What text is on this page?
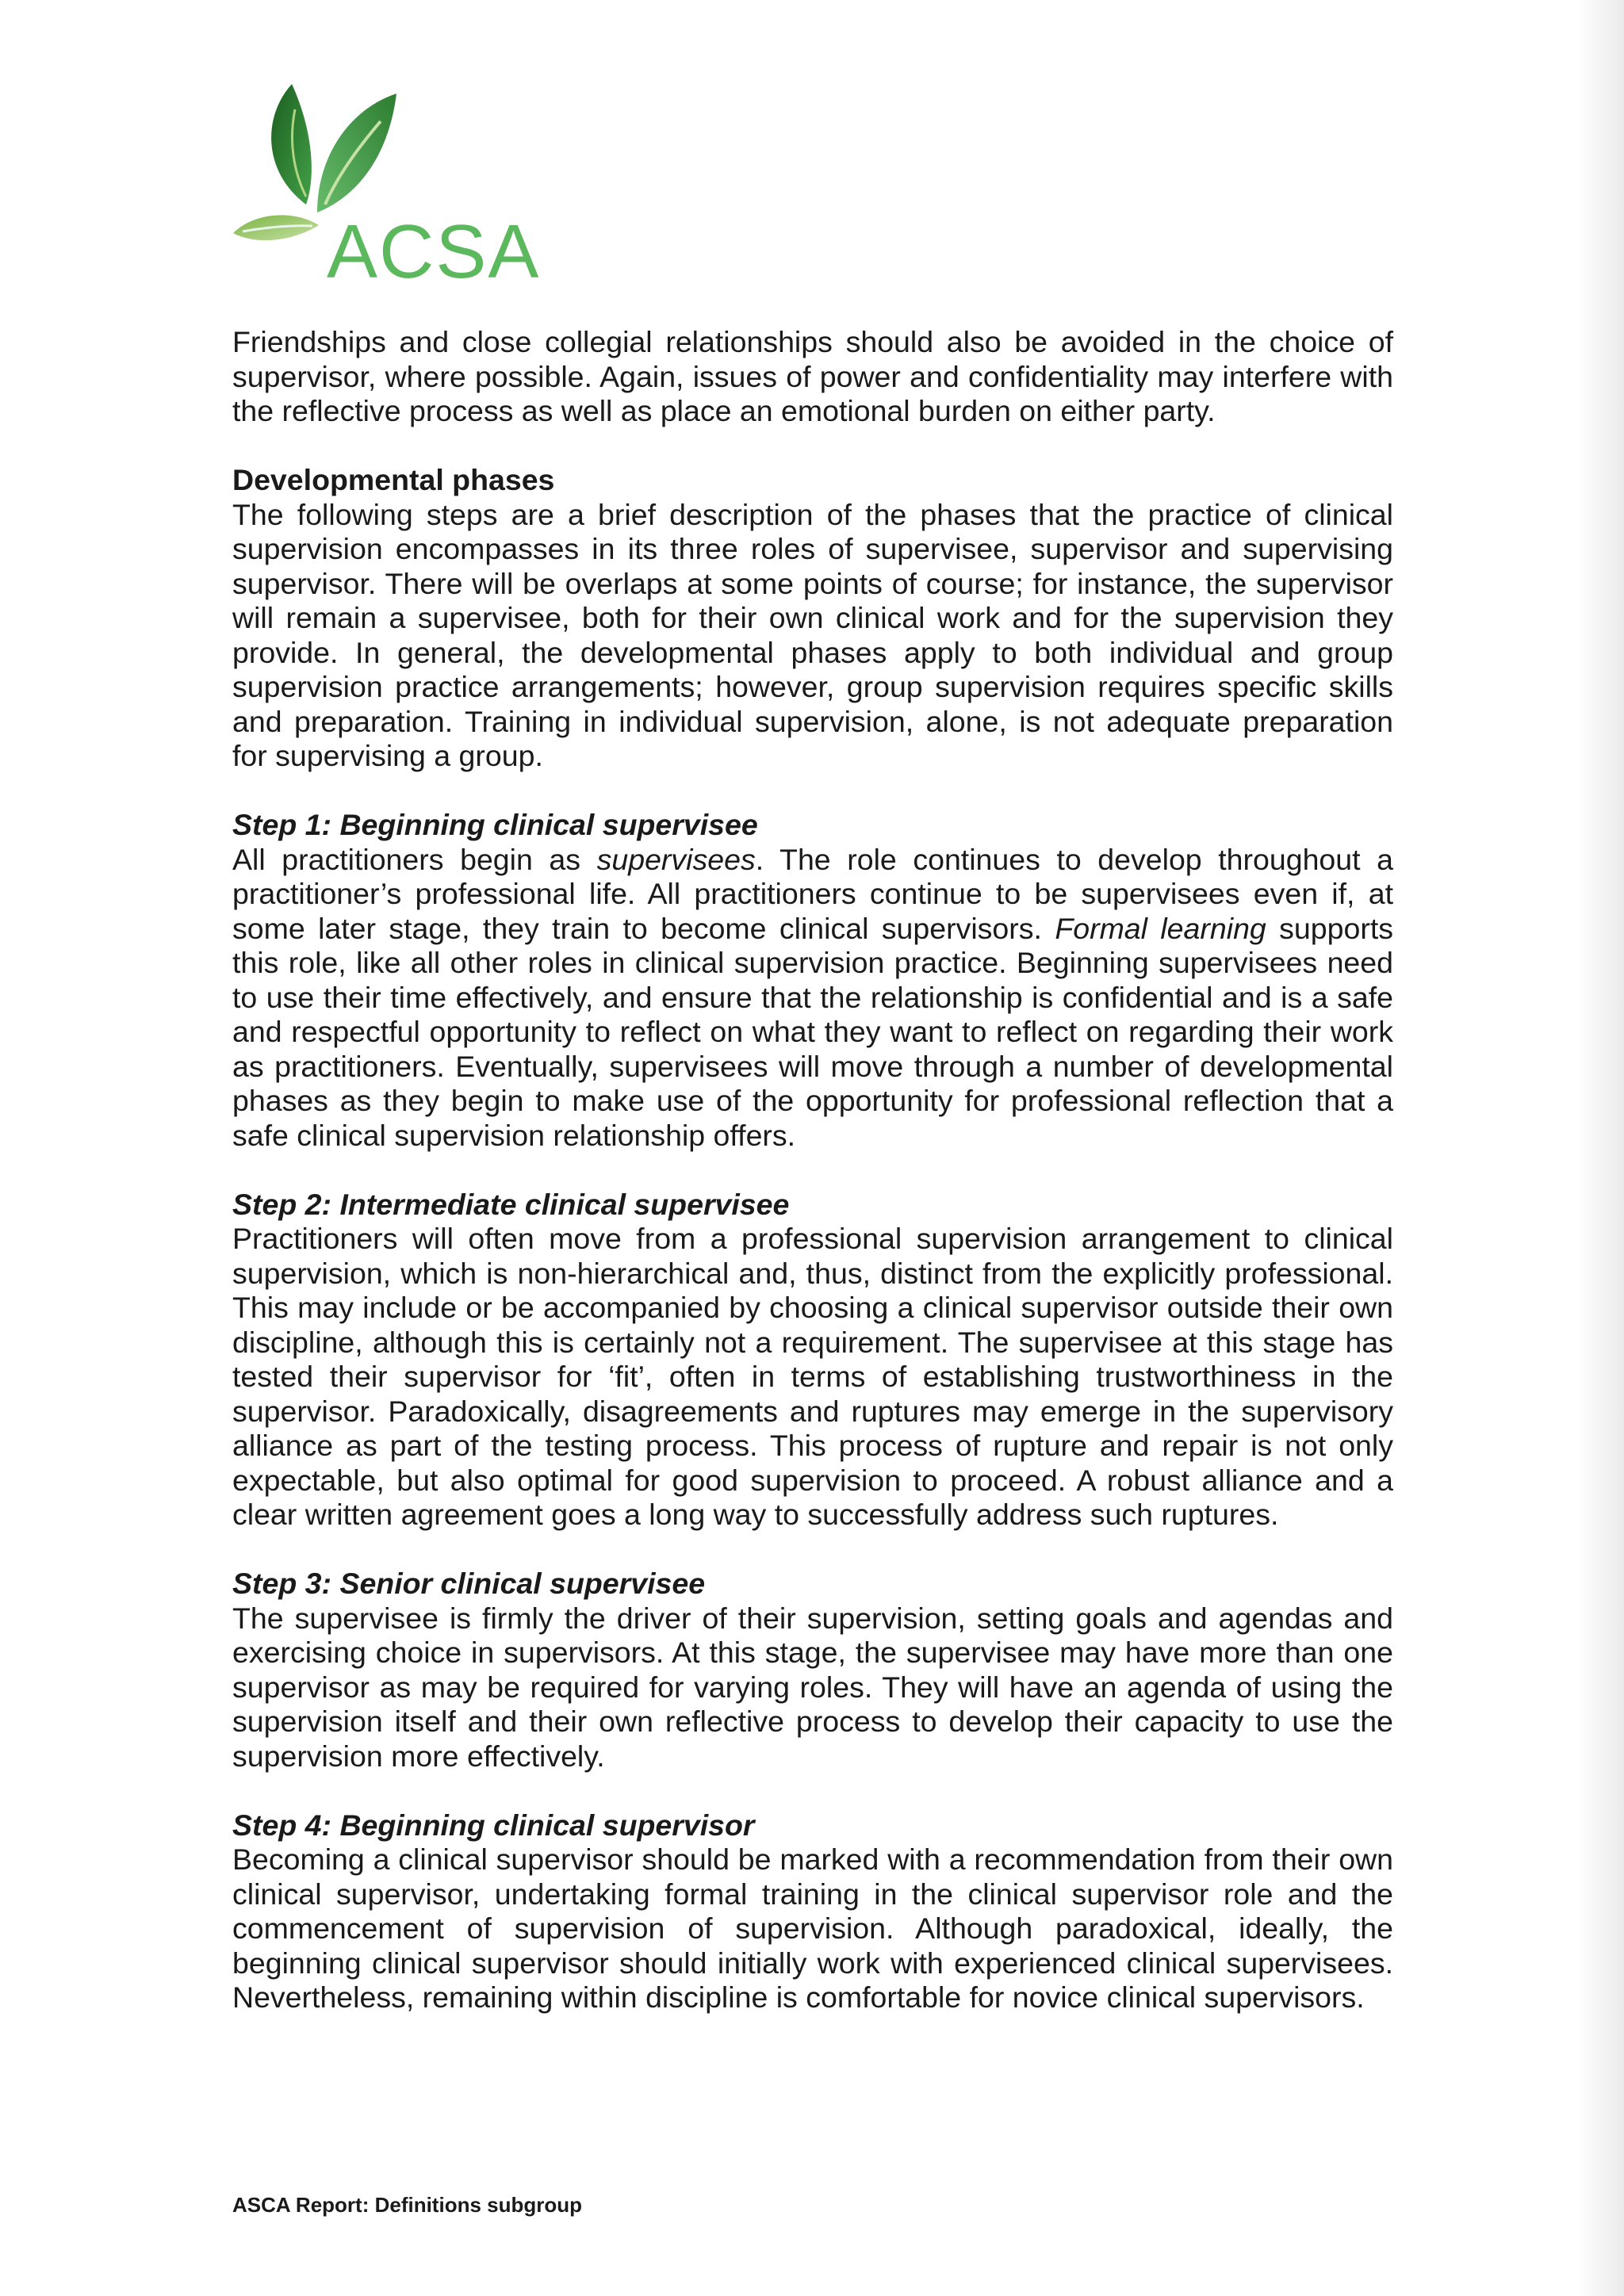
ACSA

Friendships and close collegial relationships should also be avoided in the choice of supervisor, where possible. Again, issues of power and confidentiality may interfere with the reflective process as well as place an emotional burden on either party.

Developmental phases

The following steps are a brief description of the phases that the practice of clinical supervision encompasses in its three roles of supervisee, supervisor and supervising supervisor. There will be overlaps at some points of course; for instance, the supervisor will remain a supervisee, both for their own clinical work and for the supervision they provide. In general, the developmental phases apply to both individual and group supervision practice arrangements; however, group supervision requires specific skills and preparation. Training in individual supervision, alone, is not adequate preparation for supervising a group.

Step 1: Beginning clinical supervisee

All practitioners begin as supervisees. The role continues to develop throughout a practitioner’s professional life. All practitioners continue to be supervisees even if, at some later stage, they train to become clinical supervisors. Formal learning supports this role, like all other roles in clinical supervision practice. Beginning supervisees need to use their time effectively, and ensure that the relationship is confidential and is a safe and respectful opportunity to reflect on what they want to reflect on regarding their work as practitioners. Eventually, supervisees will move through a number of developmental phases as they begin to make use of the opportunity for professional reflection that a safe clinical supervision relationship offers.

Step 2: Intermediate clinical supervisee

Practitioners will often move from a professional supervision arrangement to clinical supervision, which is non-hierarchical and, thus, distinct from the explicitly professional. This may include or be accompanied by choosing a clinical supervisor outside their own discipline, although this is certainly not a requirement. The supervisee at this stage has tested their supervisor for ‘fit’, often in terms of establishing trustworthiness in the supervisor. Paradoxically, disagreements and ruptures may emerge in the supervisory alliance as part of the testing process. This process of rupture and repair is not only expectable, but also optimal for good supervision to proceed. A robust alliance and a clear written agreement goes a long way to successfully address such ruptures.

Step 3: Senior clinical supervisee

The supervisee is firmly the driver of their supervision, setting goals and agendas and exercising choice in supervisors. At this stage, the supervisee may have more than one supervisor as may be required for varying roles. They will have an agenda of using the supervision itself and their own reflective process to develop their capacity to use the supervision more effectively.

Step 4: Beginning clinical supervisor

Becoming a clinical supervisor should be marked with a recommendation from their own clinical supervisor, undertaking formal training in the clinical supervisor role and the commencement of supervision of supervision. Although paradoxical, ideally, the beginning clinical supervisor should initially work with experienced clinical supervisees. Nevertheless, remaining within discipline is comfortable for novice clinical supervisors.

ASCA Report: Definitions subgroup
